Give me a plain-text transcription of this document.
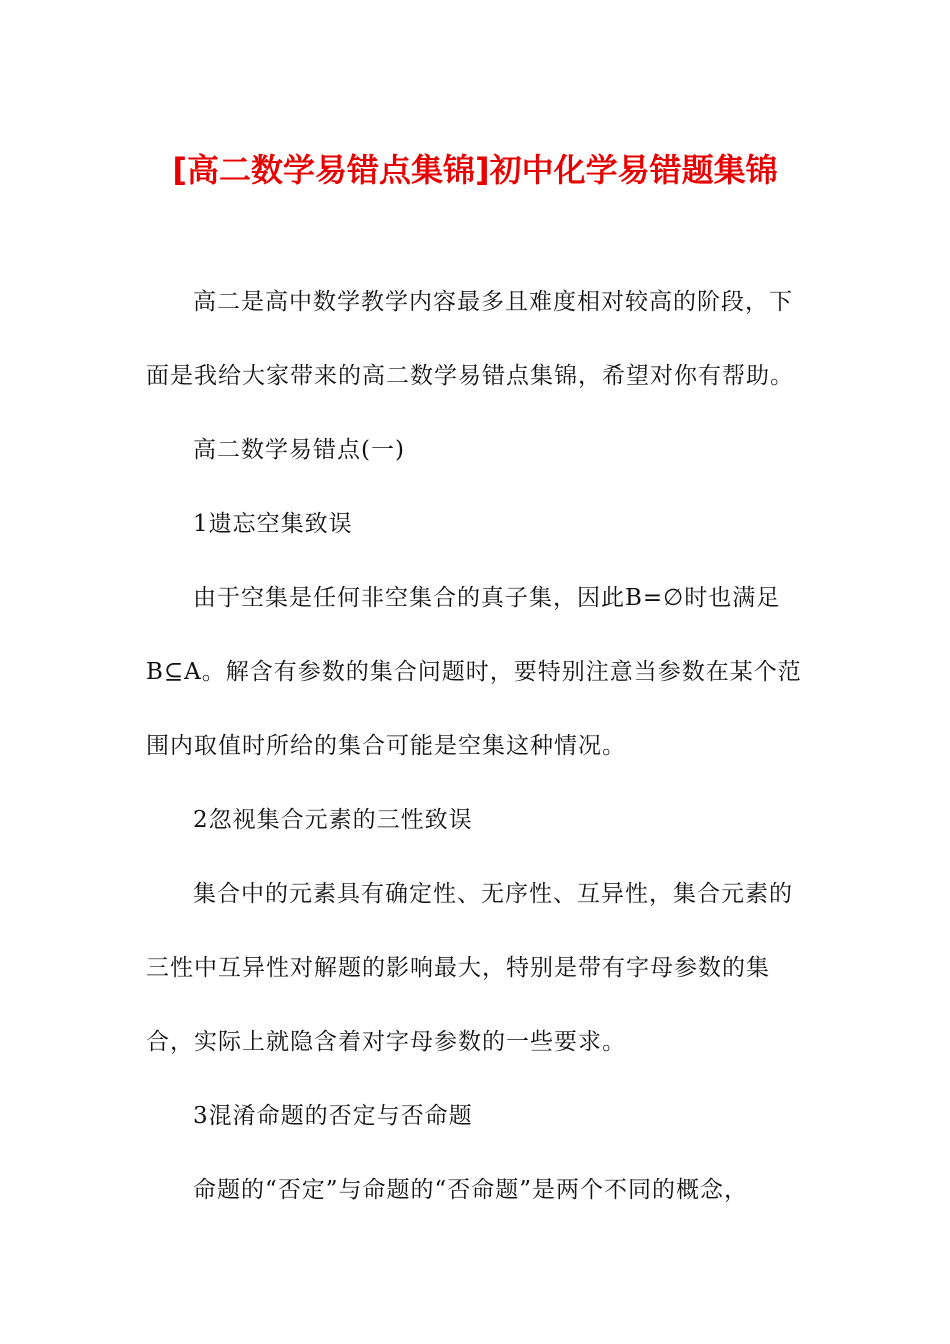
[高二数学易错点集锦]初中化学易错题集锦

高二是高中数学教学内容最多且难度相对较高的阶段，下面是我给大家带来的高二数学易错点集锦，希望对你有帮助。

高二数学易错点(一)

1遗忘空集致误

由于空集是任何非空集合的真子集，因此B=∅时也满足B⊆A。解含有参数的集合问题时，要特别注意当参数在某个范围内取值时所给的集合可能是空集这种情况。

2忽视集合元素的三性致误

集合中的元素具有确定性、无序性、互异性，集合元素的三性中互异性对解题的影响最大，特别是带有字母参数的集合，实际上就隐含着对字母参数的一些要求。

3混淆命题的否定与否命题

命题的“否定”与命题的“否命题”是两个不同的概念，
